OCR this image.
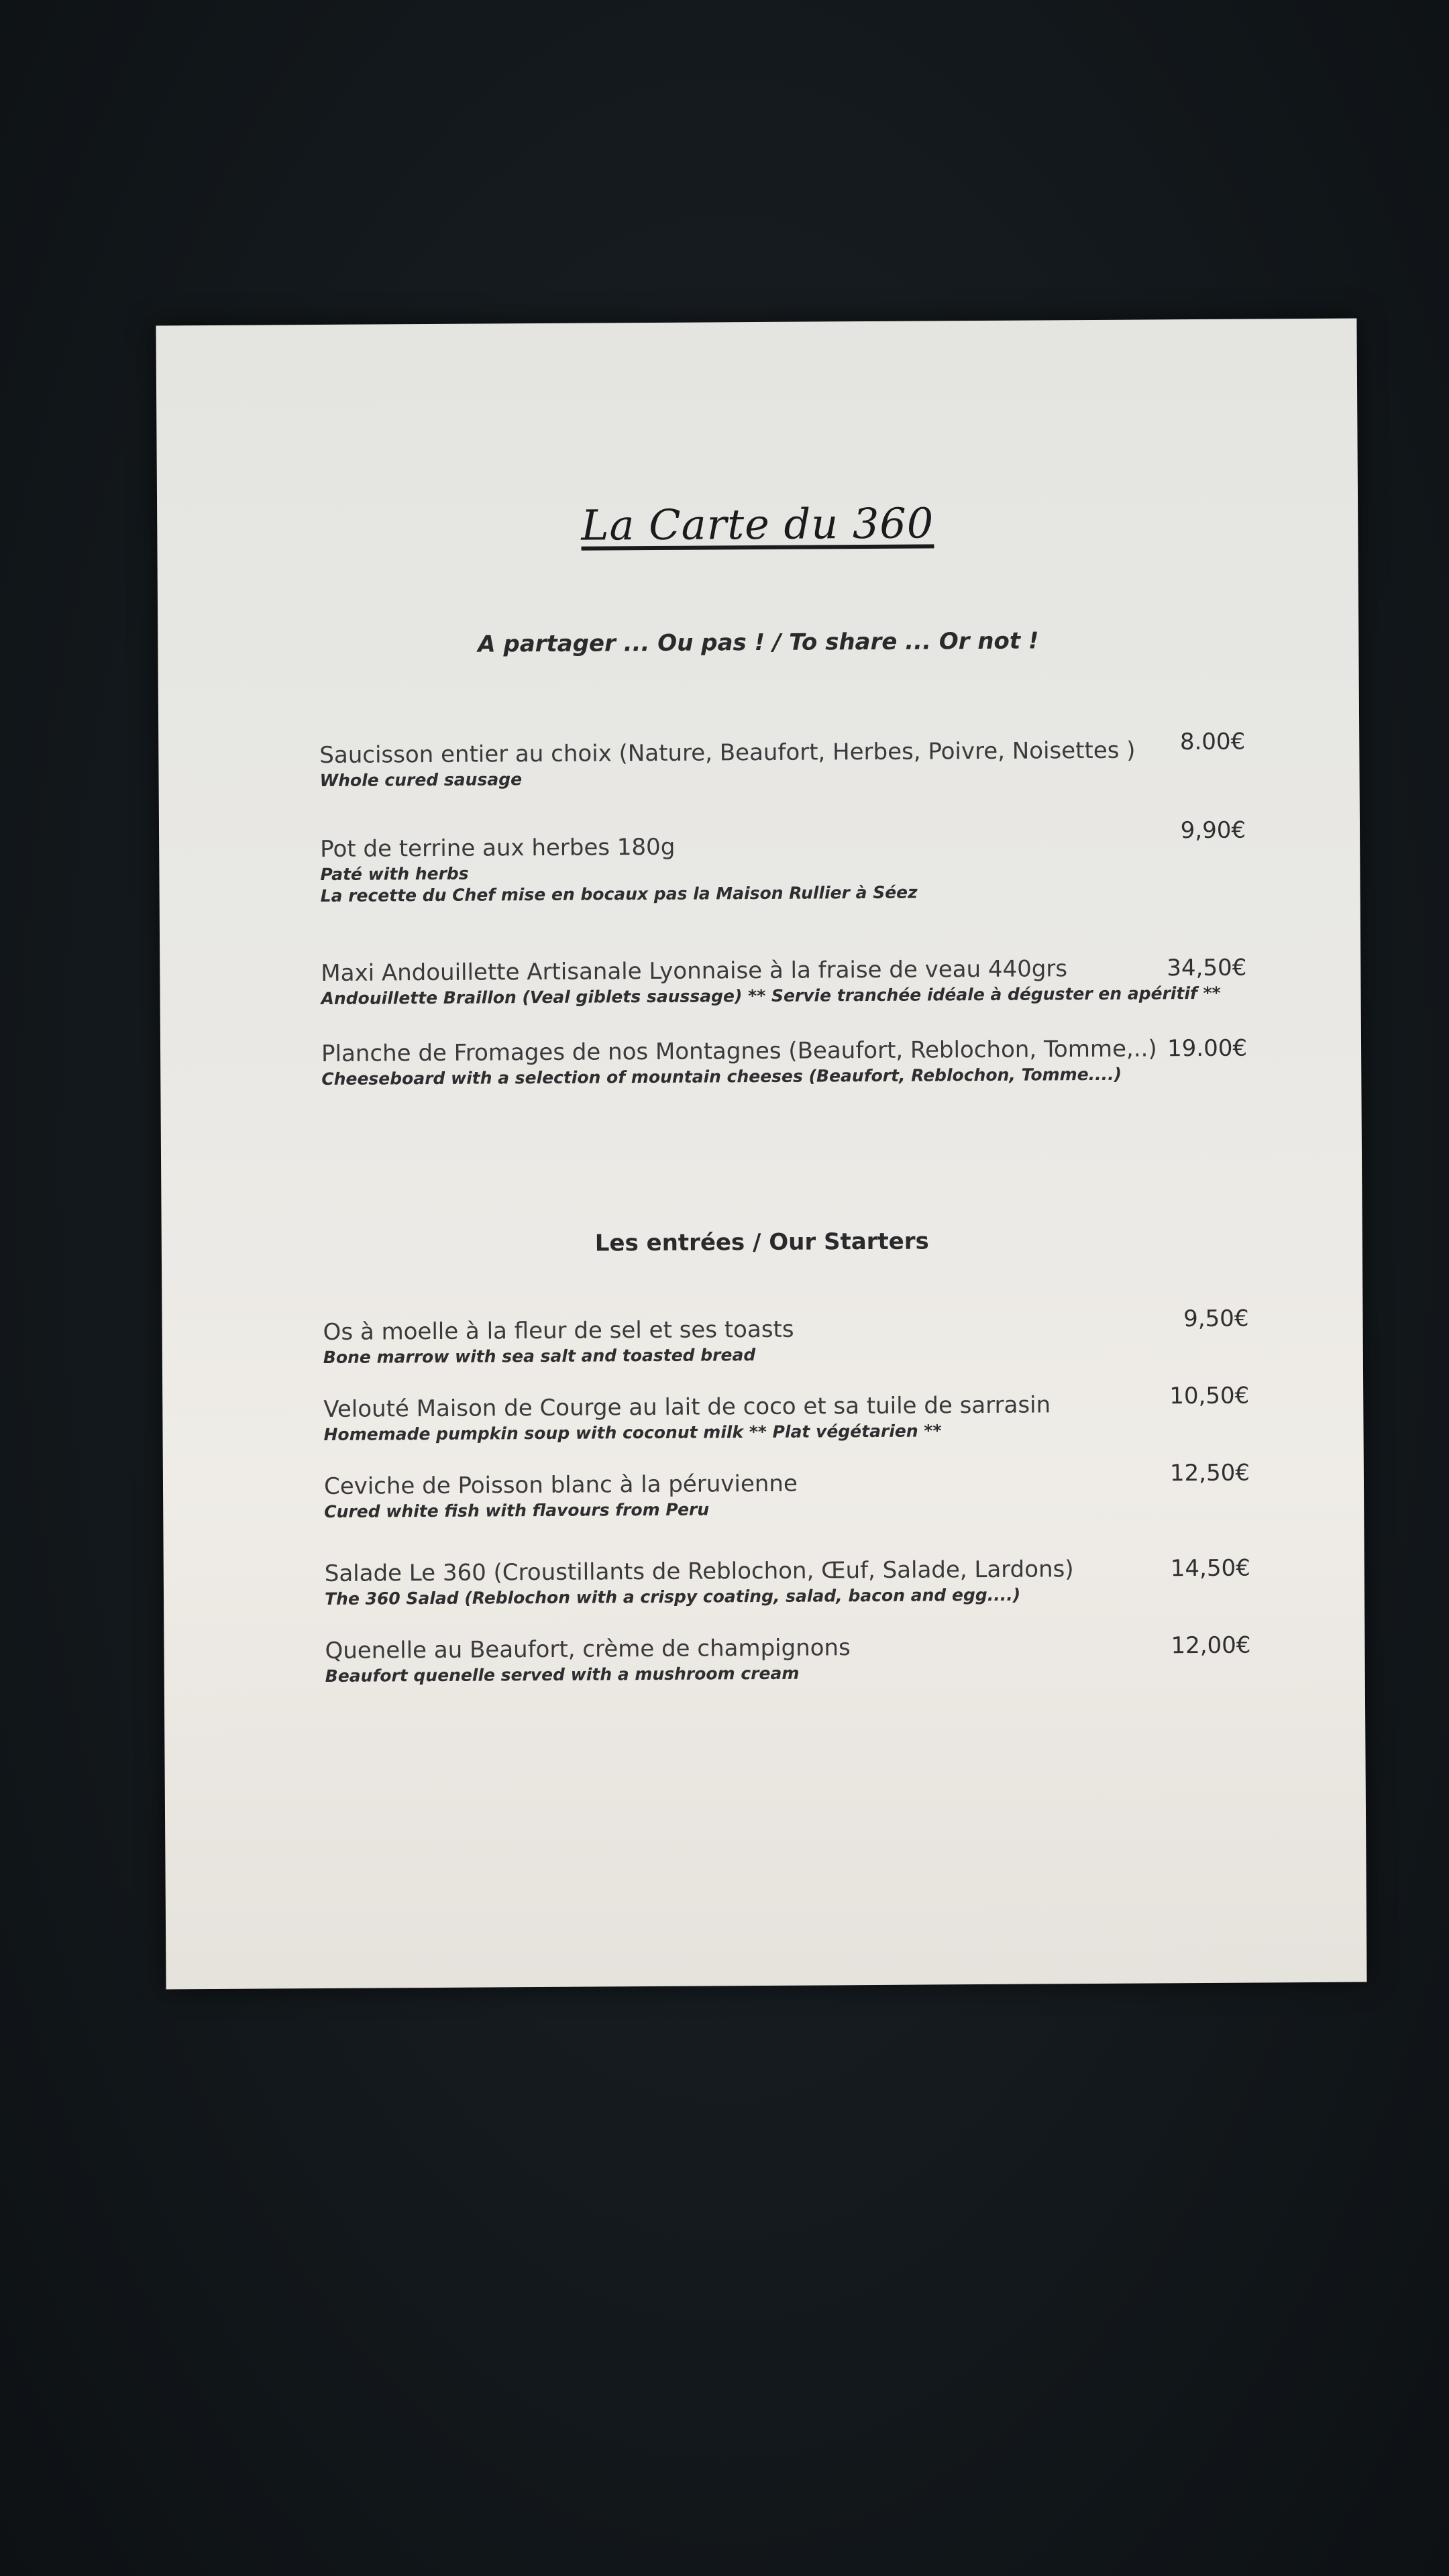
La Carte du 360
A partager ... Ou pas ! / To share ... Or not !
Saucisson entier au choix (Nature, Beaufort, Herbes, Poivre, Noisettes )
Whole cured sausage
8.00€
Pot de terrine aux herbes 180g
Paté with herbs
La recette du Chef mise en bocaux pas la Maison Rullier à Séez
9,90€
Maxi Andouillette Artisanale Lyonnaise à la fraise de veau 440grs
Andouillette Braillon (Veal giblets saussage) ** Servie tranchée idéale à déguster en apéritif **
34,50€
Planche de Fromages de nos Montagnes (Beaufort, Reblochon, Tomme,..)
Cheeseboard with a selection of mountain cheeses (Beaufort, Reblochon, Tomme....)
19.00€
Les entrées / Our Starters
Os à moelle à la fleur de sel et ses toasts
Bone marrow with sea salt and toasted bread
9,50€
Velouté Maison de Courge au lait de coco et sa tuile de sarrasin
Homemade pumpkin soup with coconut milk ** Plat végétarien **
10,50€
Ceviche de Poisson blanc à la péruvienne
Cured white fish with flavours from Peru
12,50€
Salade Le 360 (Croustillants de Reblochon, Œuf, Salade, Lardons)
The 360 Salad (Reblochon with a crispy coating, salad, bacon and egg....)
14,50€
Quenelle au Beaufort, crème de champignons
Beaufort quenelle served with a mushroom cream
12,00€
